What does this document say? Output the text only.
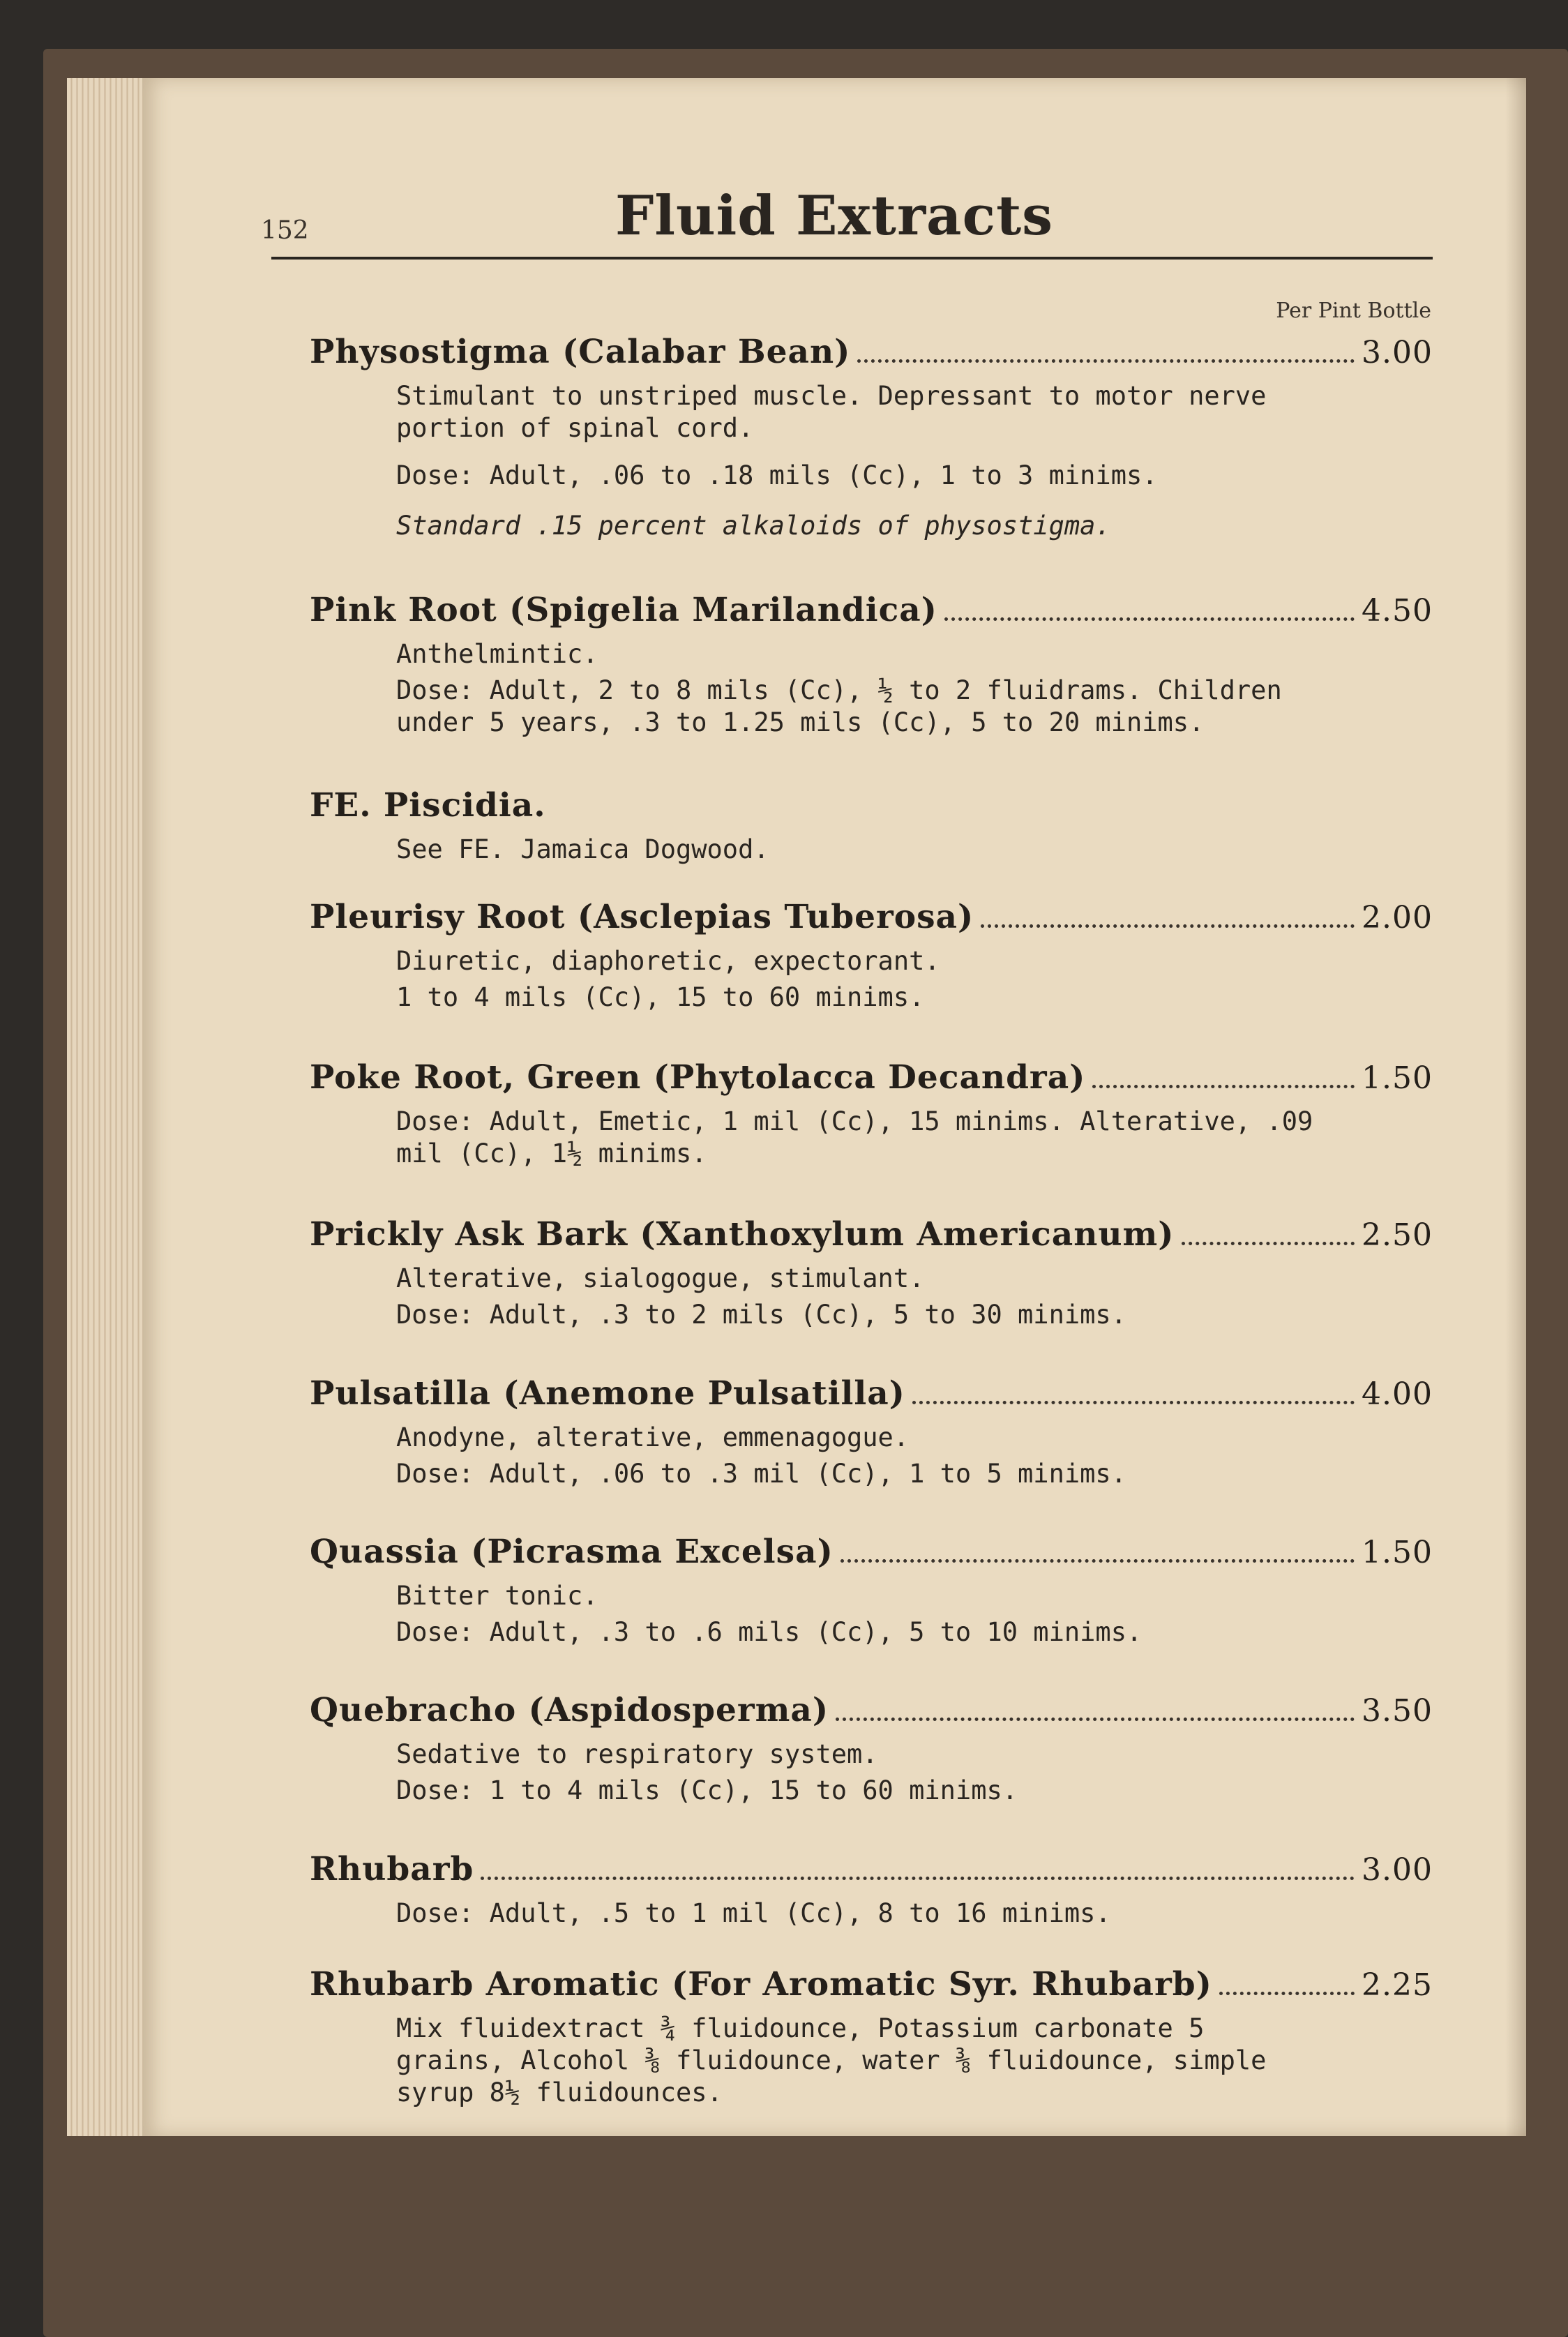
152	Fluid Extracts
Per Pint Bottle
Physostigma (Calabar Bean)	3.00
Stimulant to unstriped muscle. Depressant to motor nerve portion of spinal cord.
Dose: Adult, .06 to .18 mils (Cc), 1 to 3 minims.
Standard .15 percent alkaloids of physostigma.
Pink Root (Spigelia Marilandica)	4.50
Anthelmintic.
Dose: Adult, 2 to 8 mils (Cc), ½ to 2 fluidrams. Children under 5 years, .3 to 1.25 mils (Cc), 5 to 20 minims.
FE. Piscidia.
See FE. Jamaica Dogwood.
Pleurisy Root (Asclepias Tuberosa)	2.00
Diuretic, diaphoretic, expectorant.
1 to 4 mils (Cc), 15 to 60 minims.
Poke Root, Green (Phytolacca Decandra)	1.50
Dose: Adult, Emetic, 1 mil (Cc), 15 minims. Alterative, .09 mil (Cc), 1½ minims.
Prickly Ask Bark (Xanthoxylum Americanum)	2.50
Alterative, sialogogue, stimulant.
Dose: Adult, .3 to 2 mils (Cc), 5 to 30 minims.
Pulsatilla (Anemone Pulsatilla)	4.00
Anodyne, alterative, emmenagogue.
Dose: Adult, .06 to .3 mil (Cc), 1 to 5 minims.
Quassia (Picrasma Excelsa)	1.50
Bitter tonic.
Dose: Adult, .3 to .6 mils (Cc), 5 to 10 minims.
Quebracho (Aspidosperma)	3.50
Sedative to respiratory system.
Dose: 1 to 4 mils (Cc), 15 to 60 minims.
Rhubarb	3.00
Dose: Adult, .5 to 1 mil (Cc), 8 to 16 minims.
Rhubarb Aromatic (For Aromatic Syr. Rhubarb)	2.25
Mix fluidextract ¾ fluidounce, Potassium carbonate 5 grains, Alcohol ⅜ fluidounce, water ⅜ fluidounce, simple syrup 8½ fluidounces.
